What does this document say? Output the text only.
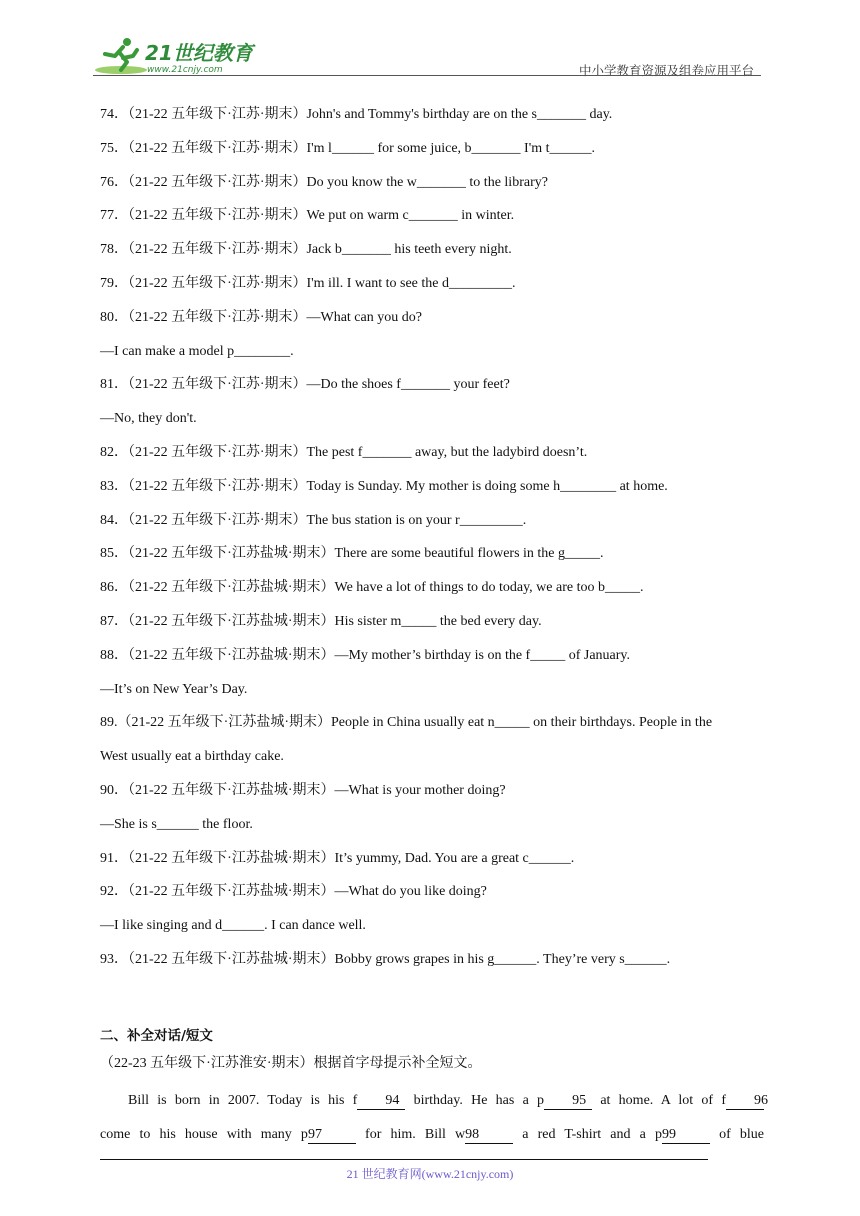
21世纪教育
www.21cnjy.com	中小学教育资源及组卷应用平台
74．（21-22 五年级下·江苏·期末）John's and Tommy's birthday are on the s_______ day.
75．（21-22 五年级下·江苏·期末）I'm l______ for some juice, b_______ I'm t______.
76．（21-22 五年级下·江苏·期末）Do you know the w_______ to the library?
77．（21-22 五年级下·江苏·期末）We put on warm c_______ in winter.
78．（21-22 五年级下·江苏·期末）Jack b_______ his teeth every night.
79．（21-22 五年级下·江苏·期末）I'm ill. I want to see the d_________.
80．（21-22 五年级下·江苏·期末）—What can you do?
—I can make a model p________.
81．（21-22 五年级下·江苏·期末）—Do the shoes f_______ your feet?
—No, they don't.
82．（21-22 五年级下·江苏·期末）The pest f_______ away, but the ladybird doesn’t.
83．（21-22 五年级下·江苏·期末）Today is Sunday. My mother is doing some h________ at home.
84．（21-22 五年级下·江苏·期末）The bus station is on your r_________.
85．（21-22 五年级下·江苏盐城·期末）There are some beautiful flowers in the g_____.
86．（21-22 五年级下·江苏盐城·期末）We have a lot of things to do today, we are too b_____.
87．（21-22 五年级下·江苏盐城·期末）His sister m_____ the bed every day.
88．（21-22 五年级下·江苏盐城·期末）—My mother’s birthday is on the f_____ of January.
—It’s on New Year’s Day.
89.（21-22 五年级下·江苏盐城·期末）People in China usually eat n_____ on their birthdays. People in the
West usually eat a birthday cake.
90．（21-22 五年级下·江苏盐城·期末）—What is your mother doing?
—She is s______ the floor.
91．（21-22 五年级下·江苏盐城·期末）It’s yummy, Dad. You are a great c______.
92．（21-22 五年级下·江苏盐城·期末）—What do you like doing?
—I like singing and d______. I can dance well.
93．（21-22 五年级下·江苏盐城·期末）Bobby grows grapes in his g______. They’re very s______.
二、补全对话/短文
（22-23 五年级下·江苏淮安·期末）根据首字母提示补全短文。
Bill is born in 2007. Today is his f 94 birthday. He has a p 95 at home. A lot of f 96
come to his house with many p97 for him. Bill w98 a red T-shirt and a p99 of blue
21 世纪教育网(www.21cnjy.com)
